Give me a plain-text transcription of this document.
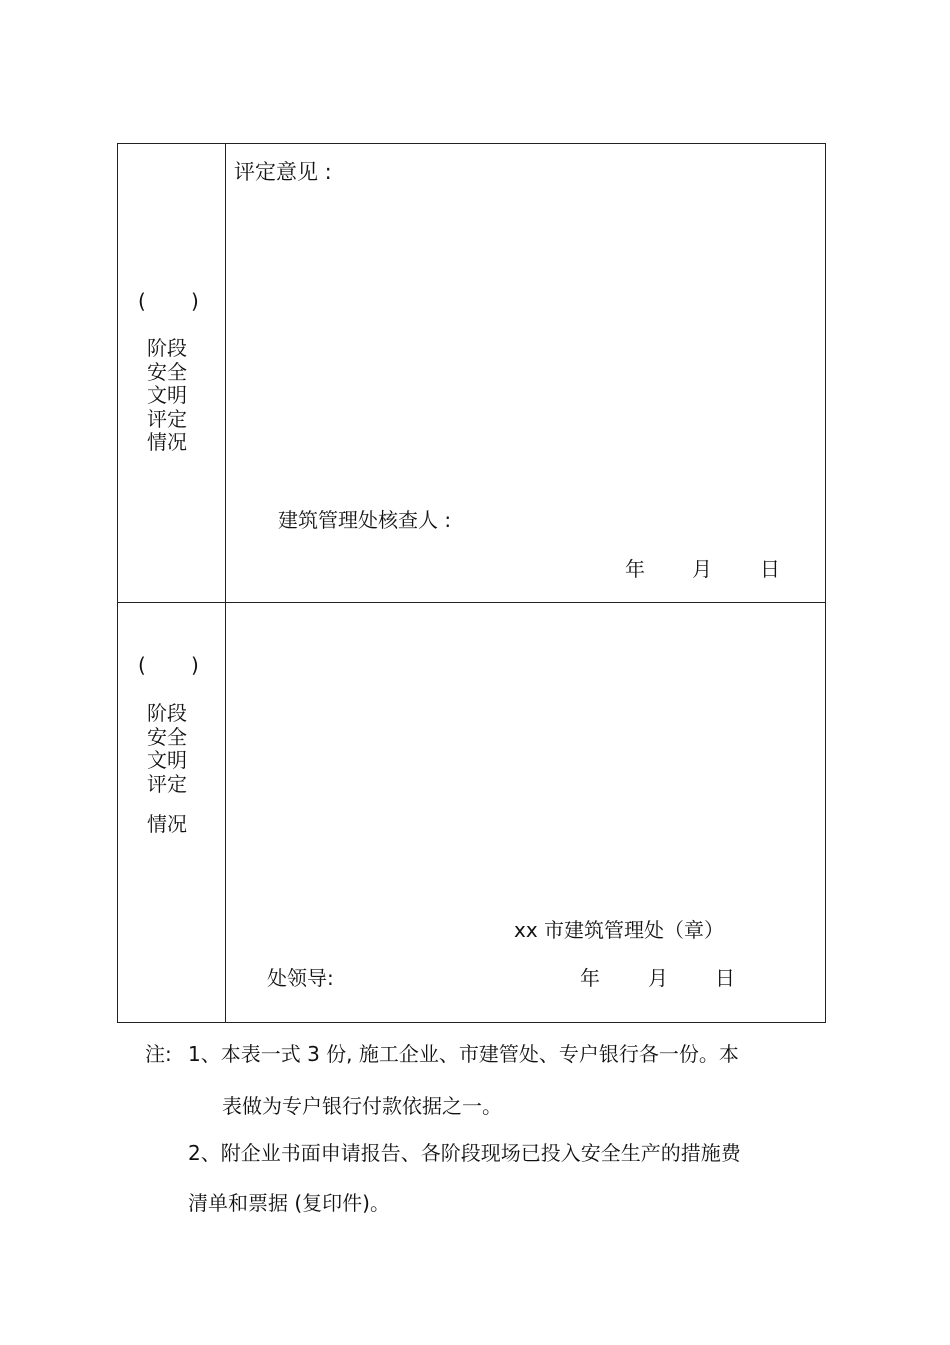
( )
阶段
安全
文明
评定
情况
评定意见 :
建筑管理处核查人 :
年 月 日
( )
阶段
安全
文明
评定
情况
xx 市建筑管理处（章）
处领导:	年 月 日
注: 1、本表一式 3 份, 施工企业、市建管处、专户银行各一份。本
表做为专户银行付款依据之一。
2、附企业书面申请报告、各阶段现场已投入安全生产的措施费
清单和票据 (复印件)。
